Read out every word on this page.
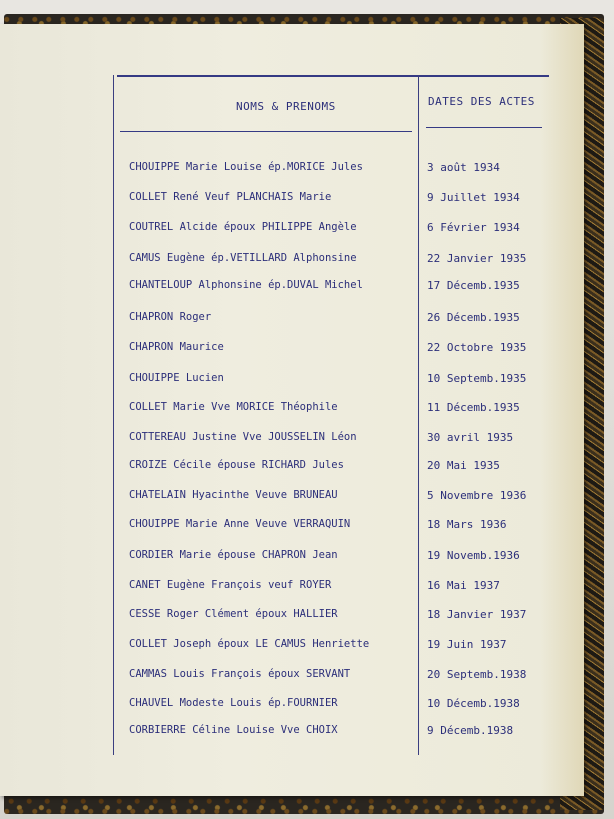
NOMS & PRENOMS	DATES DES ACTES
CHOUIPPE Marie Louise ép.MORICE Jules	3 août 1934
COLLET René Veuf PLANCHAIS Marie	9 Juillet 1934
COUTREL Alcide époux PHILIPPE Angèle	6 Février 1934
CAMUS Eugène ép.VETILLARD Alphonsine	22 Janvier 1935
CHANTELOUP Alphonsine ép.DUVAL Michel	17 Décemb.1935
CHAPRON Roger	26 Décemb.1935
CHAPRON Maurice	22 Octobre 1935
CHOUIPPE Lucien	10 Septemb.1935
COLLET Marie Vve MORICE Théophile	11 Décemb.1935
COTTEREAU Justine Vve JOUSSELIN Léon	30 avril 1935
CROIZE Cécile épouse RICHARD Jules	20 Mai 1935
CHATELAIN Hyacinthe Veuve BRUNEAU	5 Novembre 1936
CHOUIPPE Marie Anne Veuve VERRAQUIN	18 Mars 1936
CORDIER Marie épouse CHAPRON Jean	19 Novemb.1936
CANET Eugène François veuf ROYER	16 Mai 1937
CESSE Roger Clément époux HALLIER	18 Janvier 1937
COLLET Joseph époux LE CAMUS Henriette	19 Juin 1937
CAMMAS Louis François époux SERVANT	20 Septemb.1938
CHAUVEL Modeste Louis ép.FOURNIER	10 Décemb.1938
CORBIERRE Céline Louise Vve CHOIX	9 Décemb.1938
